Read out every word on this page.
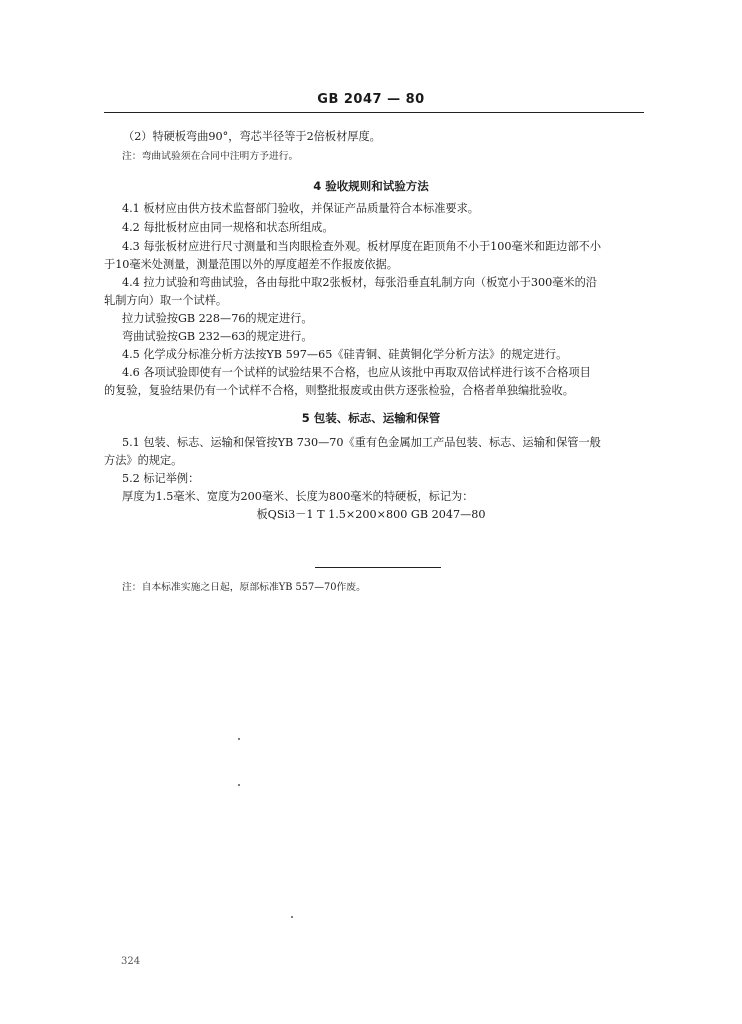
GB 2047 — 80
（2）特硬板弯曲90°，弯芯半径等于2倍板材厚度。
注：弯曲试验须在合同中注明方予进行。
4 验收规则和试验方法
4.1 板材应由供方技术监督部门验收，并保证产品质量符合本标准要求。
4.2 每批板材应由同一规格和状态所组成。
4.3 每张板材应进行尺寸测量和当肉眼检查外观。板材厚度在距顶角不小于100毫米和距边部不小
于10毫米处测量，测量范围以外的厚度超差不作报废依据。
4.4 拉力试验和弯曲试验，各由每批中取2张板材，每张沿垂直轧制方向（板宽小于300毫米的沿
轧制方向）取一个试样。
拉力试验按GB 228—76的规定进行。
弯曲试验按GB 232—63的规定进行。
4.5 化学成分标准分析方法按YB 597—65《硅青铜、硅黄铜化学分析方法》的规定进行。
4.6 各项试验即使有一个试样的试验结果不合格，也应从该批中再取双倍试样进行该不合格项目
的复验，复验结果仍有一个试样不合格，则整批报废或由供方逐张检验，合格者单独编批验收。
5 包装、标志、运输和保管
5.1 包装、标志、运输和保管按YB 730—70《重有色金属加工产品包装、标志、运输和保管一般
方法》的规定。
5.2 标记举例：
厚度为1.5毫米、宽度为200毫米、长度为800毫米的特硬板，标记为：
板QSi3－1 T 1.5×200×800 GB 2047—80
注：自本标准实施之日起，原部标准YB 557—70作废。
324
